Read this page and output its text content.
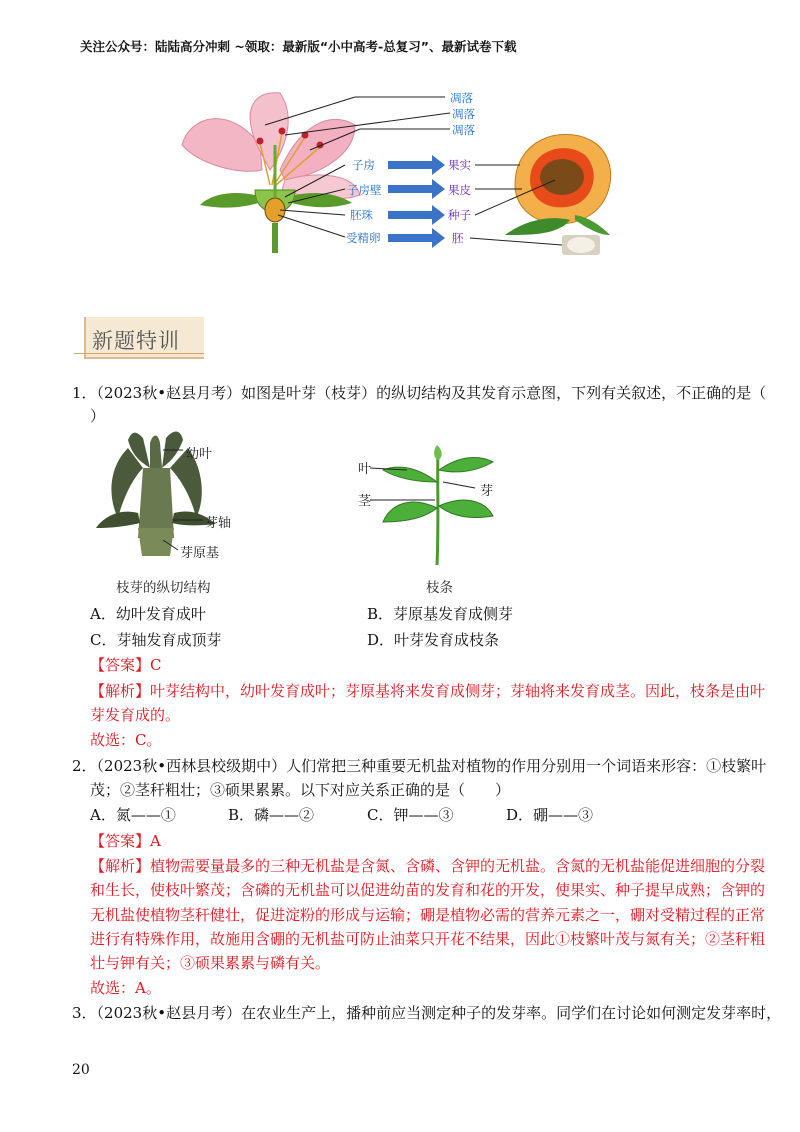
关注公众号：陆陆高分冲刺 ~领取：最新版“小中高考-总复习”、最新试卷下载
凋落
凋落
凋落
子房
子房壁
胚珠
受精卵
果实
果皮
种子
胚
新题特训
1．（2023秋•赵县月考）如图是叶芽（枝芽）的纵切结构及其发育示意图，下列有关叙述，不正确的是（
）
幼叶
芽轴
芽原基
枝芽的纵切结构
叶
茎
芽
枝条
A．幼叶发育成叶	B．芽原基发育成侧芽
C．芽轴发育成顶芽	D．叶芽发育成枝条
【答案】C
【解析】叶芽结构中，幼叶发育成叶；芽原基将来发育成侧芽；芽轴将来发育成茎。因此，枝条是由叶
芽发育成的。
故选：C。
2．（2023秋•西林县校级期中）人们常把三种重要无机盐对植物的作用分别用一个词语来形容：①枝繁叶
茂；②茎秆粗壮；③硕果累累。以下对应关系正确的是（　　）
A．氮——①	B．磷——②	C．钾——③	D．硼——③
【答案】A
【解析】植物需要量最多的三种无机盐是含氮、含磷、含钾的无机盐。含氮的无机盐能促进细胞的分裂
和生长，使枝叶繁茂；含磷的无机盐可以促进幼苗的发育和花的开发，使果实、种子提早成熟；含钾的
无机盐使植物茎秆健壮，促进淀粉的形成与运输；硼是植物必需的营养元素之一，硼对受精过程的正常
进行有特殊作用，故施用含硼的无机盐可防止油菜只开花不结果，因此①枝繁叶茂与氮有关；②茎秆粗
壮与钾有关；③硕果累累与磷有关。
故选：A。
3．（2023秋•赵县月考）在农业生产上，播种前应当测定种子的发芽率。同学们在讨论如何测定发芽率时，
20
